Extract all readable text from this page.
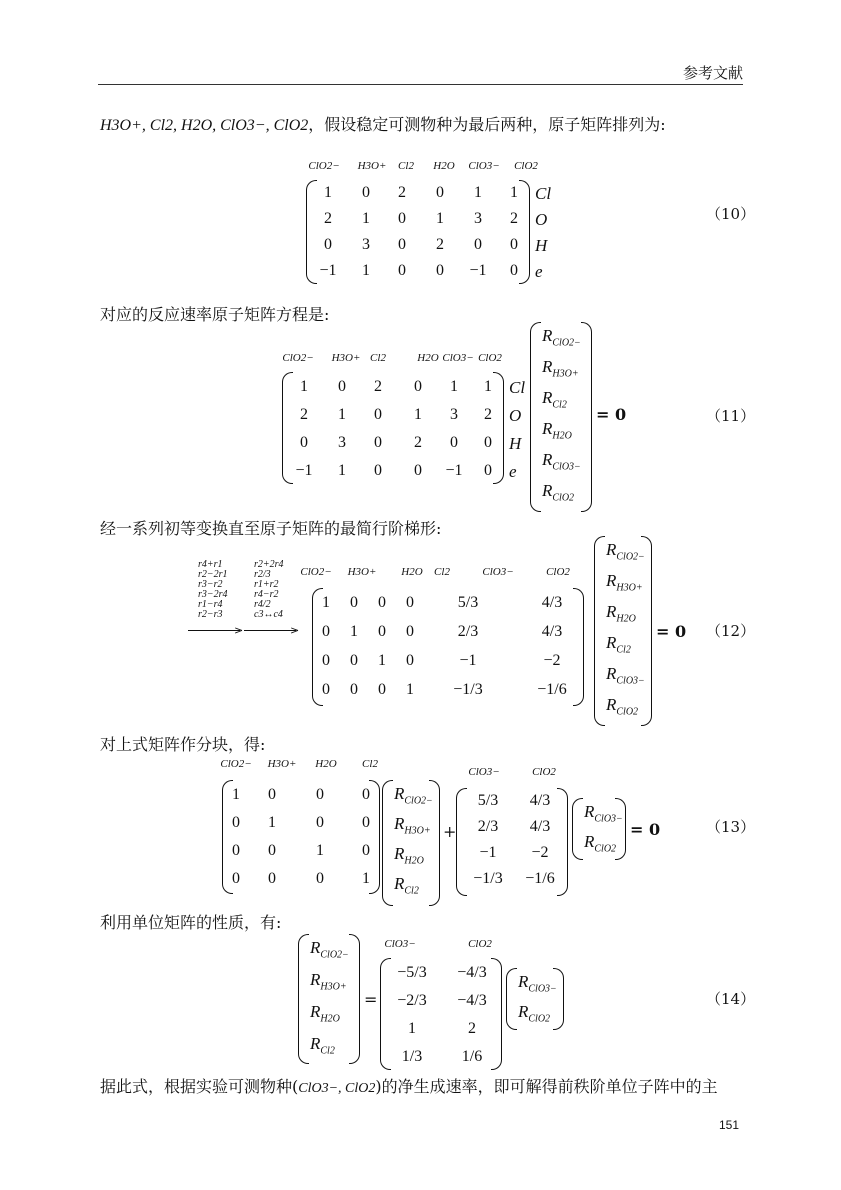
参考文献
H3O+, Cl2, H2O, ClO3−, ClO2，假设稳定可测物种为最后两种，原子矩阵排列为:
ClO2− H3O+ Cl2 H2O ClO3− ClO2
1 0 2 0 1 1
2 1 0 1 3 2
0 3 0 2 0 0
−1 1 0 0 −1 0
Cl
O
H
e
（10）
对应的反应速率原子矩阵方程是:
ClO2− H3O+ Cl2	H2O ClO3− ClO2
1 0 2 0 1 1
2 1 0 1 3 2
0 3 0 2 0 0
−1 1 0 0 −1 0
Cl
O
H
e
$R_{ClO2-}$
$R_{H3O+}$
$R_{Cl2}$
$R_{H2O}$
$R_{ClO3-}$
$R_{ClO2}$
= 0	（11）
经一系列初等变换直至原子矩阵的最简行阶梯形:
r4+r1
r2−2r1
r3−r2
r3−2r4
r1−r4
r2−r3
>
r2+2r4
r2/3
r1+r2
r4−r2
r4/2
c3↔c4
>
ClO2− H3O+ H2O Cl2	ClO3−	ClO2
1 0 0 0	5/3	4/3
0 1 0 0	2/3	4/3
0 0 1 0	−1	−2
0 0 0 1 −1/3	−1/6
$R_{ClO2-}$
$R_{H3O+}$
$R_{H2O}$
$R_{Cl2}$
$R_{ClO3-}$
$R_{ClO2}$
= 0 （12）
对上式矩阵作分块，得:
ClO2− H3O+ H2O Cl2
1 0	0 0
0 1	0 0
0 0	1 0
0 0	0 1
$R_{ClO2-}$
$R_{H3O+}$
$R_{H2O}$
$R_{Cl2}$
+
ClO3−	ClO2
5/3 4/3
2/3 4/3
−1 −2
−1/3 −1/6
$R_{ClO3-}$
$R_{ClO2}$
= 0	（13）
利用单位矩阵的性质，有:
$R_{ClO2-}$
$R_{H3O+}$
$R_{H2O}$
$R_{Cl2}$
=
ClO3−	ClO2
−5/3 −4/3
−2/3 −4/3
1	2
1/3 1/6
$R_{ClO3-}$
$R_{ClO2}$
（14）
据此式，根据实验可测物种(ClO3−, ClO2)的净生成速率，即可解得前秩阶单位子阵中的主
151
